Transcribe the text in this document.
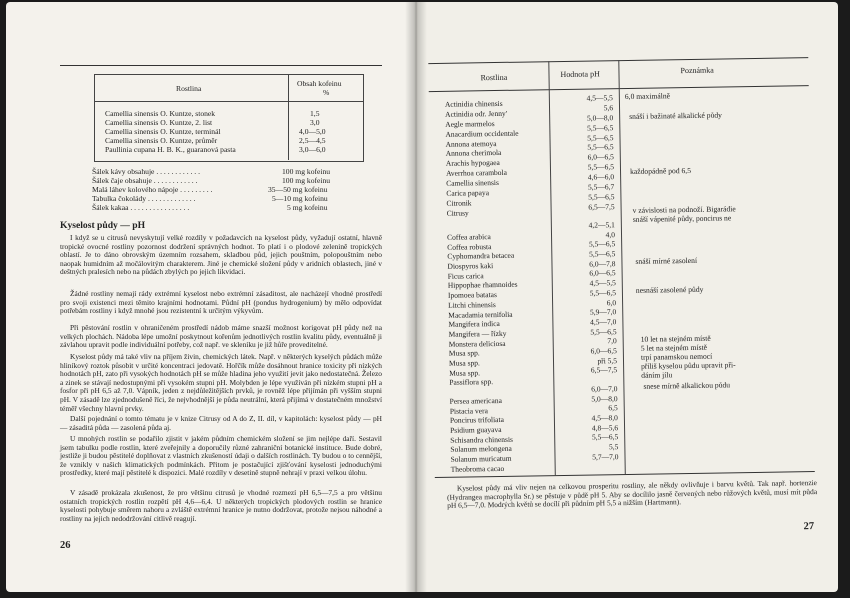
Rostlina
Obsah kofeinu
%
Camellia sinensis O. Kuntze, stonek
Camellia sinensis O. Kuntze, 2. list
Camellia sinensis O. Kuntze, terminál
Camellia sinensis O. Kuntze, průměr
Paullinia cupana H. B. K., guaranová pasta
1,5
3,0
4,0—5,0
2,5—4,5
3,0—6,0
Šálek kávy obsahuje . . . . . . . . . . . .
Šálek čaje obsahuje . . . . . . . . . . . .
Malá láhev kolového nápoje . . . . . . . . .
Tabulka čokolády . . . . . . . . . . . . .
Šálek kakaa . . . . . . . . . . . . . . . .
100 mg kofeinu
100 mg kofeinu
35—50 mg kofeinu
5—10 mg kofeinu
5 mg kofeinu
Kyselost půdy — pH
I když se u citrusů nevyskytují velké rozdíly v požadavcích na kyselost půdy, vyžadují ostatní, hlavně tropické ovocné rostliny pozornost dodržení správných hodnot. To platí i o plodové zelenině tropických oblastí. Je to dáno obrovským územním rozsahem, skladbou půd, jejich pouštním, polopouštním nebo naopak humidním až močálovitým charakterem. Jiné je chemické složení půdy v aridních oblastech, jiné v deštných pralesích nebo na půdách zbylých po jejich likvidaci.
Žádné rostliny nemají rády extrémní kyselost nebo extrémní zásaditost, ale nacházejí vhodné prostředí pro svoji existenci mezi těmito krajními hodnotami. Půdní pH (pondus hydrogenium) by mělo odpovídat potřebám rostliny i když mnohé jsou rezistentní k určitým výkyvům.
Při pěstování rostlin v ohraničeném prostředí nádob máme snazší možnost korigovat pH půdy než na velkých plochách. Nádoba lépe umožní poskytnout kořenům jednotlivých rostlin kvalitu půdy, eventuálně ji závlahou upravit podle individuální potřeby, což např. ve skleníku je již hůře proveditelné.
Kyselost půdy má také vliv na příjem živin, chemických látek. Např. v některých kyselých půdách může hliníkový roztok působit v určité koncentraci jedovatě. Hořčík může dosáhnout hranice toxicity při nízkých hodnotách pH, zato při vysokých hodnotách pH se může hladina jeho využití jevit jako nedostatečná. Železo a zinek se stávají nedostupnými při vysokém stupni pH. Molybden je lépe využíván při nízkém stupni pH a fosfor při pH 6,5 až 7,0. Vápník, jeden z nejdůležitějších prvků, je rovněž lépe přijímán při vyšším stupni pH. V zásadě lze zjednodušeně říci, že nejvhodnější je půda neutrální, která přijímá v dostatečném množství téměř všechny hlavní prvky.
Další pojednání o tomto tématu je v knize Citrusy od A do Z, II. díl, v kapitolách: kyselost půdy — pH — zásaditá půda — zasolená půda aj.
U mnohých rostlin se podařilo zjistit v jakém půdním chemickém složení se jim nejlépe daří. Sestavil jsem tabulku podle rostlin, které zveřejnily a doporučily různé zahraniční botanické instituce. Bude dobré, jestliže ji budou pěstitelé doplňovat z vlastních zkušeností údaji o dalších rostlinách. Ty budou o to cennější, že vznikly v našich klimatických podmínkách. Přitom je postačující zjišťování kyselosti jednoduchými prostředky, které mají pěstitelé k dispozici. Malé rozdíly v desetině stupně nehrají v praxi velkou úlohu.
V zásadě prokázala zkušenost, že pro většinu citrusů je vhodné rozmezí pH 6,5—7,5 a pro většinu ostatních tropických rostlin rozpětí pH 4,6—6,4. U některých tropických plodových rostlin se hranice kyselosti pohybuje směrem nahoru a zvláště extrémní hranice je nutno dodržovat, protože nejsou náhodné a rostliny na jejich nedodržování citlivě reagují.
26
Rostlina	Hodnota pH	Poznámka
Actinidia chinensis
Actinidia odr. Jenny'
Aegle marmelos
Anacardium occidentale
Annona atemoya
Annona cherimola
Arachis hypogaea
Averrhoa carambola
Camellia sinensis
Carica papaya
Citronik
Citrusy
4,5—5,5
5,6
5,0—8,0
5,5—6,5
5,5—6,5
5,5—6,5
6,0—6,5
5,5—6,5
4,6—6,0
5,5—6,7
5,5—6,5
6,5—7,5
Coffea arabica
Coffea robusta
Cyphomandra betacea
Diospyros kaki
Ficus carica
Hippophae rhamnoides
Ipomoea batatas
Litchi chinensis
Macadamia ternifolia
Mangifera indica
Mangifera — řízky
Monstera deliciosa
Musa spp.
Musa spp.
Musa spp.
Passiflora spp.
4,2—5,1
4,0
5,5—6,5
5,5—6,5
6,0—7,8
6,0—6,5
4,5—5,5
5,5—6,5
6,0
5,9—7,0
4,5—7,0
5,5—6,5
7,0
6,0—6,5
při 5,5
6,5—7,5
Persea americana
Pistacia vera
Poncirus trifoliata
Psidium guayava
Schisandra chinensis
Solanum melongena
Solanum muricatum
Theobroma cacao
6,0—7,0
5,0—8,0
6,5
4,5—8,0
4,8—5,6
5,5—6,5
5,5
5,7—7,0
6,0 maximálně
snáší i bažinaté alkalické půdy
každopádně pod 6,5
v závislosti na podnoží. Bigarádie
snáší vápenité půdy, poncirus ne
snáší mírné zasolení
nesnáší zasolené půdy
10 let na stejném místě
5 let na stejném místě
trpí panamskou nemocí
příliš kyselou půdu upravit při-
dáním jílu
snese mírně alkalickou půdu
Kyselost půdy má vliv nejen na celkovou prosperitu rostliny, ale někdy ovlivňuje i barvu květů. Tak např. hortenzie (Hydrangea macrophylla Sr.) se pěstuje v půdě pH 5. Aby se docílilo jasně červených nebo růžových květů, musí mít půda pH 6,5—7,0. Modrých květů se docílí při půdním pH 5,5 a nižším (Hartmann).
27
